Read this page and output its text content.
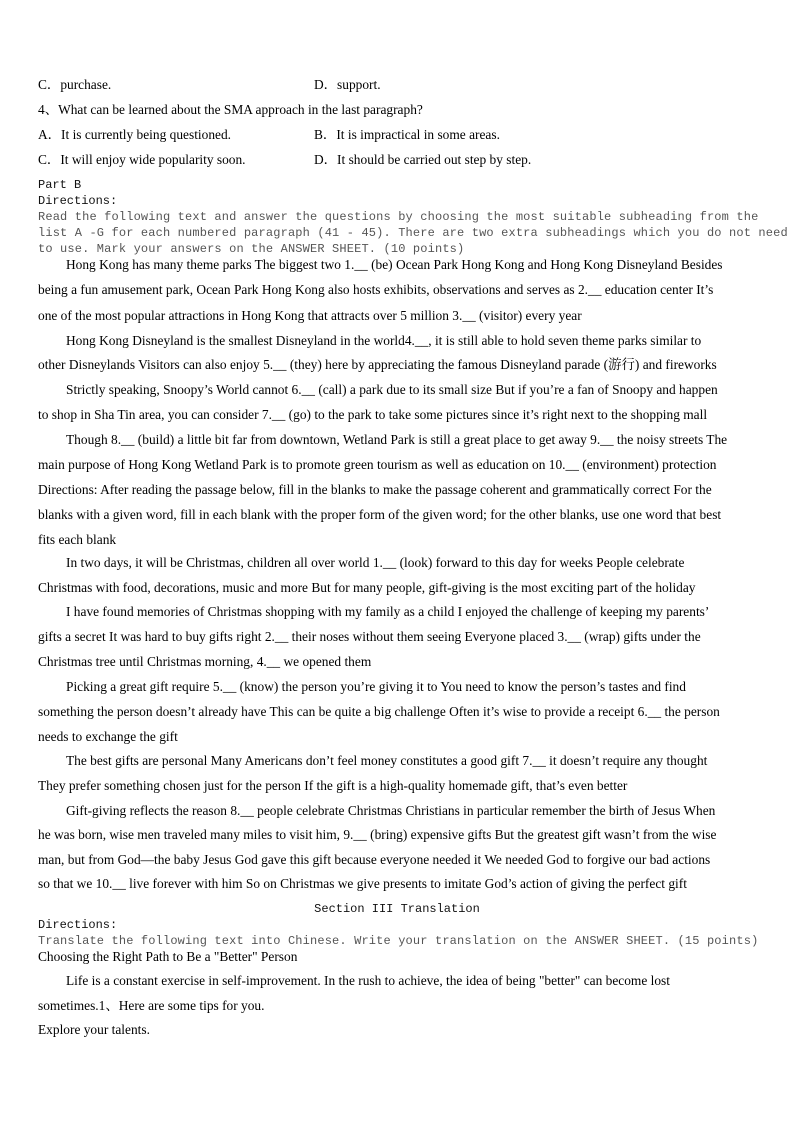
C．purchase.	D．support.
4、What can be learned about the SMA approach in the last paragraph?
A．It is currently being questioned.	B．It is impractical in some areas.
C．It will enjoy wide popularity soon.	D．It should be carried out step by step.
Part B
Directions:
Read the following text and answer the questions by choosing the most suitable subheading from the
list A -G for each numbered paragraph (41 - 45). There are two extra subheadings which you do not need
to use. Mark your answers on the ANSWER SHEET. (10 points)
Hong Kong has many theme parks The biggest two 1.__ (be) Ocean Park Hong Kong and Hong Kong Disneyland Besides
being a fun amusement park, Ocean Park Hong Kong also hosts exhibits, observations and serves as 2.__ education center It’s
one of the most popular attractions in Hong Kong that attracts over 5 million 3.__ (visitor) every year
Hong Kong Disneyland is the smallest Disneyland in the world4.__, it is still able to hold seven theme parks similar to
other Disneylands Visitors can also enjoy 5.__ (they) here by appreciating the famous Disneyland parade (游行) and fireworks
Strictly speaking, Snoopy’s World cannot 6.__ (call) a park due to its small size But if you’re a fan of Snoopy and happen
to shop in Sha Tin area, you can consider 7.__ (go) to the park to take some pictures since it’s right next to the shopping mall
Though 8.__ (build) a little bit far from downtown, Wetland Park is still a great place to get away 9.__ the noisy streets The
main purpose of Hong Kong Wetland Park is to promote green tourism as well as education on 10.__ (environment) protection
Directions: After reading the passage below, fill in the blanks to make the passage coherent and grammatically correct For the
blanks with a given word, fill in each blank with the proper form of the given word; for the other blanks, use one word that best
fits each blank
In two days, it will be Christmas, children all over world 1.__ (look) forward to this day for weeks People celebrate
Christmas with food, decorations, music and more But for many people, gift-giving is the most exciting part of the holiday
I have found memories of Christmas shopping with my family as a child I enjoyed the challenge of keeping my parents’
gifts a secret It was hard to buy gifts right 2.__ their noses without them seeing Everyone placed 3.__ (wrap) gifts under the
Christmas tree until Christmas morning, 4.__ we opened them
Picking a great gift require 5.__ (know) the person you’re giving it to You need to know the person’s tastes and find
something the person doesn’t already have This can be quite a big challenge Often it’s wise to provide a receipt 6.__ the person
needs to exchange the gift
The best gifts are personal Many Americans don’t feel money constitutes a good gift 7.__ it doesn’t require any thought
They prefer something chosen just for the person If the gift is a high-quality homemade gift, that’s even better
Gift-giving reflects the reason 8.__ people celebrate Christmas Christians in particular remember the birth of Jesus When
he was born, wise men traveled many miles to visit him, 9.__ (bring) expensive gifts But the greatest gift wasn’t from the wise
man, but from God—the baby Jesus God gave this gift because everyone needed it We needed God to forgive our bad actions
so that we 10.__ live forever with him So on Christmas we give presents to imitate God’s action of giving the perfect gift
Section III Translation
Directions:
Translate the following text into Chinese. Write your translation on the ANSWER SHEET. (15 points)
Choosing the Right Path to Be a "Better" Person
Life is a constant exercise in self-improvement. In the rush to achieve, the idea of being "better" can become lost
sometimes.1、Here are some tips for you.
Explore your talents.
